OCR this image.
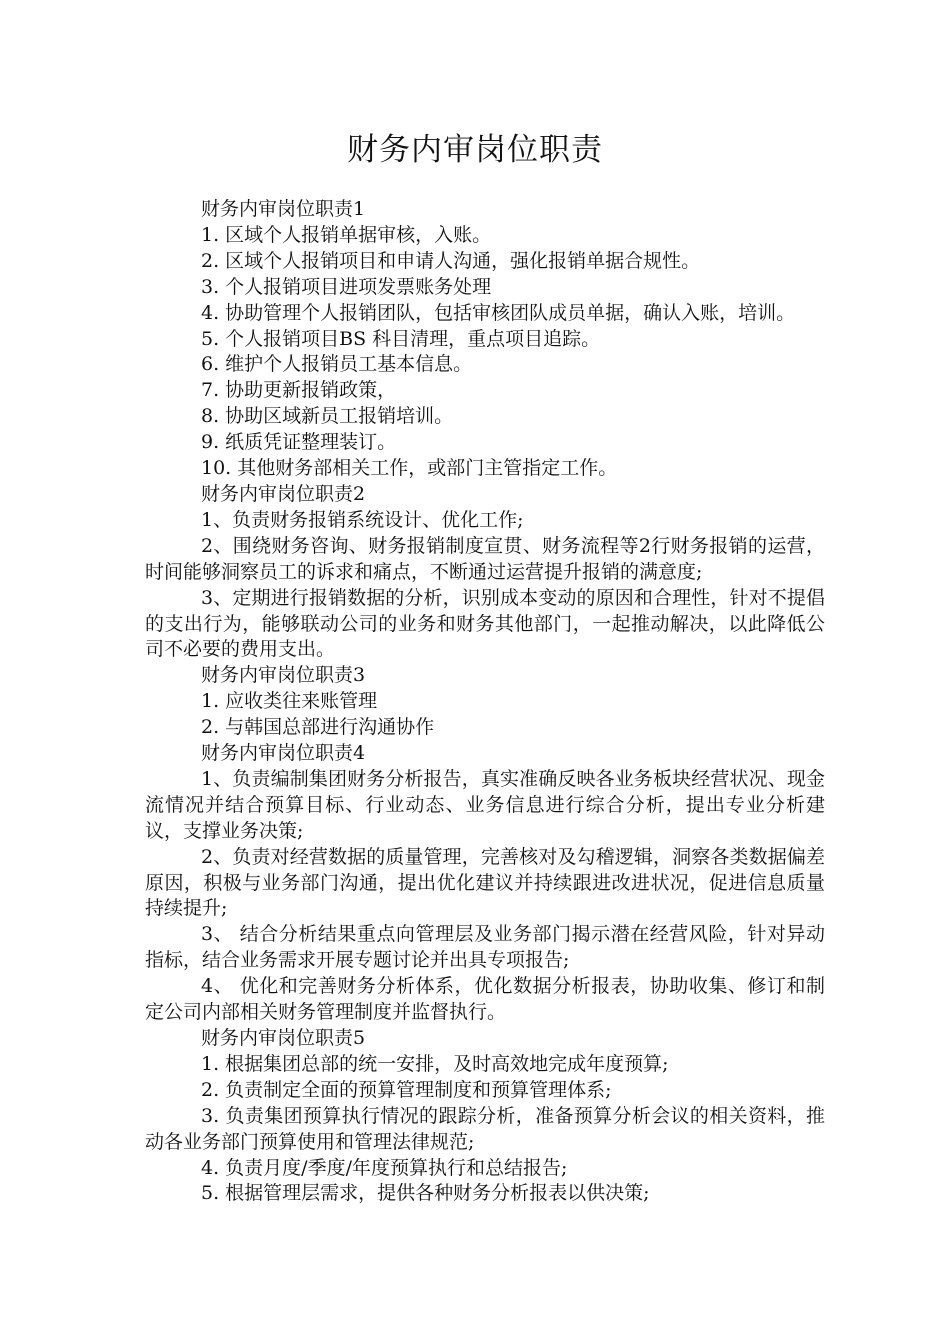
财务内审岗位职责

财务内审岗位职责1

1. 区域个人报销单据审核，入账。

2. 区域个人报销项目和申请人沟通，强化报销单据合规性。

3. 个人报销项目进项发票账务处理

4. 协助管理个人报销团队，包括审核团队成员单据，确认入账，培训。

5. 个人报销项目BS 科目清理，重点项目追踪。

6. 维护个人报销员工基本信息。

7. 协助更新报销政策，

8. 协助区域新员工报销培训。

9. 纸质凭证整理装订。

10. 其他财务部相关工作，或部门主管指定工作。

财务内审岗位职责2

1、负责财务报销系统设计、优化工作;

2、围绕财务咨询、财务报销制度宣贯、财务流程等2行财务报销的运营，时间能够洞察员工的诉求和痛点，不断通过运营提升报销的满意度;

3、定期进行报销数据的分析，识别成本变动的原因和合理性，针对不提倡的支出行为，能够联动公司的业务和财务其他部门，一起推动解决，以此降低公司不必要的费用支出。

财务内审岗位职责3

1. 应收类往来账管理

2. 与韩国总部进行沟通协作

财务内审岗位职责4

1、负责编制集团财务分析报告，真实准确反映各业务板块经营状况、现金流情况并结合预算目标、行业动态、业务信息进行综合分析，提出专业分析建议，支撑业务决策;

2、负责对经营数据的质量管理，完善核对及勾稽逻辑，洞察各类数据偏差原因，积极与业务部门沟通，提出优化建议并持续跟进改进状况，促进信息质量持续提升;

3、 结合分析结果重点向管理层及业务部门揭示潜在经营风险，针对异动指标，结合业务需求开展专题讨论并出具专项报告;

4、 优化和完善财务分析体系，优化数据分析报表，协助收集、修订和制定公司内部相关财务管理制度并监督执行。

财务内审岗位职责5

1. 根据集团总部的统一安排，及时高效地完成年度预算;

2. 负责制定全面的预算管理制度和预算管理体系;

3. 负责集团预算执行情况的跟踪分析，准备预算分析会议的相关资料，推动各业务部门预算使用和管理法律规范;

4. 负责月度/季度/年度预算执行和总结报告;

5. 根据管理层需求，提供各种财务分析报表以供决策;
